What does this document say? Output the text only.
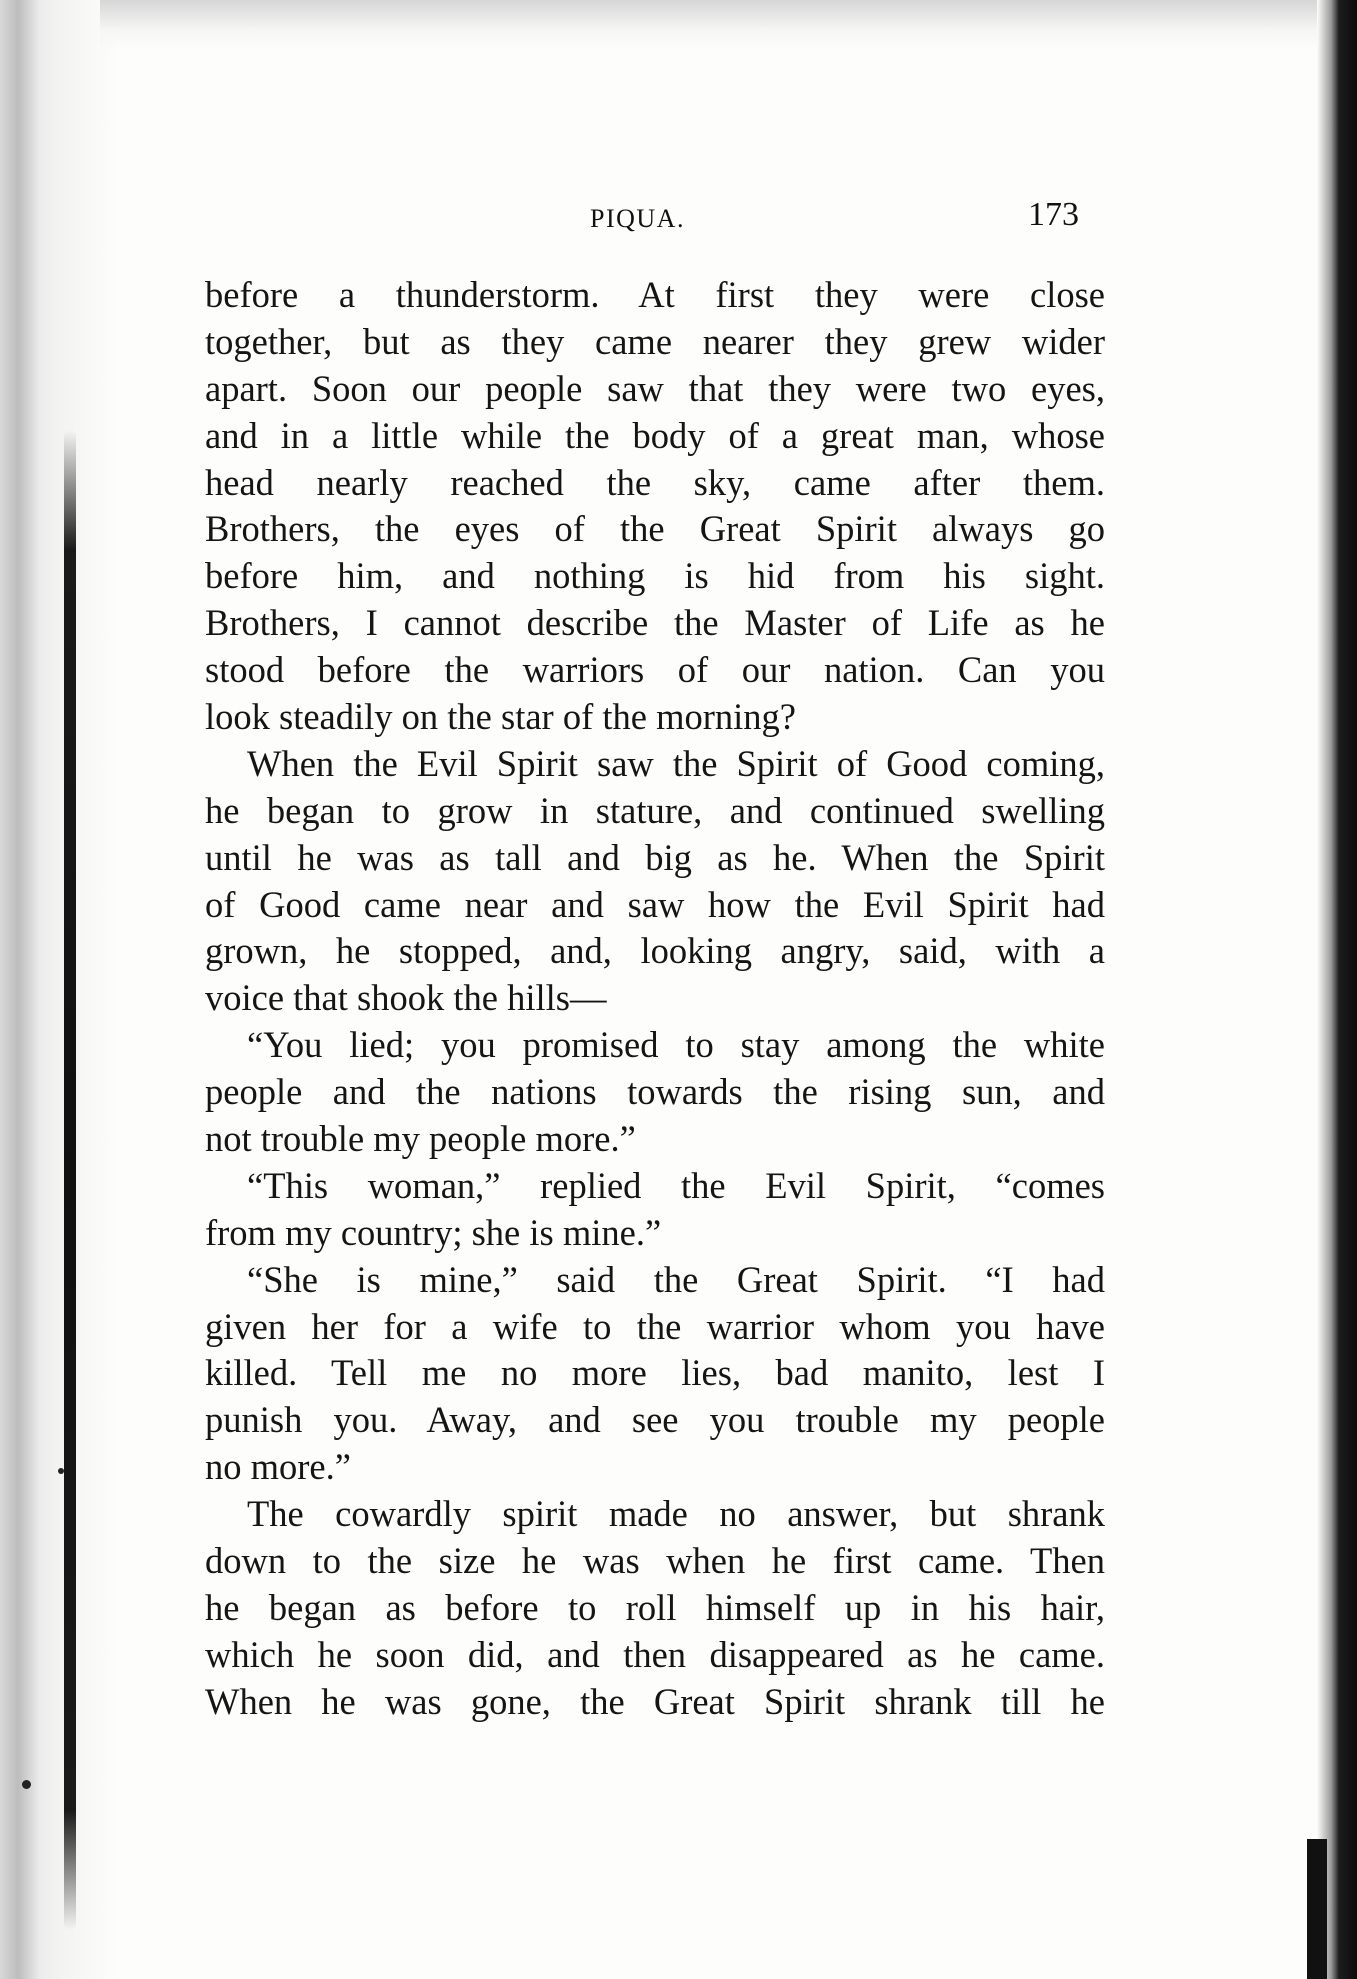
PIQUA.	173
before a thunderstorm. At first they were close
together, but as they came nearer they grew wider
apart. Soon our people saw that they were two eyes,
and in a little while the body of a great man, whose
head nearly reached the sky, came after them.
Brothers, the eyes of the Great Spirit always go
before him, and nothing is hid from his sight.
Brothers, I cannot describe the Master of Life as he
stood before the warriors of our nation. Can you
look steadily on the star of the morning?
When the Evil Spirit saw the Spirit of Good coming,
he began to grow in stature, and continued swelling
until he was as tall and big as he. When the Spirit
of Good came near and saw how the Evil Spirit had
grown, he stopped, and, looking angry, said, with a
voice that shook the hills—
“You lied; you promised to stay among the white
people and the nations towards the rising sun, and
not trouble my people more.”
“This woman,” replied the Evil Spirit, “comes
from my country; she is mine.”
“She is mine,” said the Great Spirit. “I had
given her for a wife to the warrior whom you have
killed. Tell me no more lies, bad manito, lest I
punish you. Away, and see you trouble my people
no more.”
The cowardly spirit made no answer, but shrank
down to the size he was when he first came. Then
he began as before to roll himself up in his hair,
which he soon did, and then disappeared as he came.
When he was gone, the Great Spirit shrank till he
